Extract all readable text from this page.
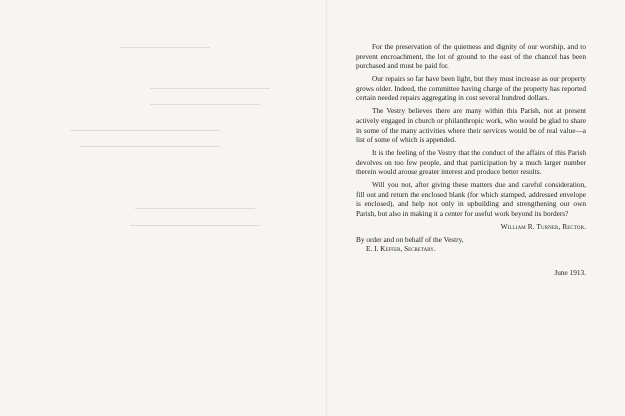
For the preservation of the quietness and dignity of our worship, and to prevent encroachment, the lot of ground to the east of the chancel has been purchased and must be paid for.

Our repairs so far have been light, but they must increase as our property grows older. Indeed, the committee having charge of the property has reported certain needed repairs aggregating in cost several hundred dollars.

The Vestry believes there are many within this Parish, not at present actively engaged in church or philanthropic work, who would be glad to share in some of the many activities where their services would be of real value—a list of some of which is appended.

It is the feeling of the Vestry that the conduct of the affairs of this Parish devolves on too few people, and that participation by a much larger number therein would arouse greater interest and produce better results.

Will you not, after giving these matters due and careful consideration, fill out and return the enclosed blank (for which stamped, addressed envelope is enclosed), and help not only in upbuilding and strengthening our own Parish, but also in making it a center for useful work beyond its borders?

William R. Turner, Rector.

By order and on behalf of the Vestry,

E. I. Keffer, Secretary.

June 1913.
